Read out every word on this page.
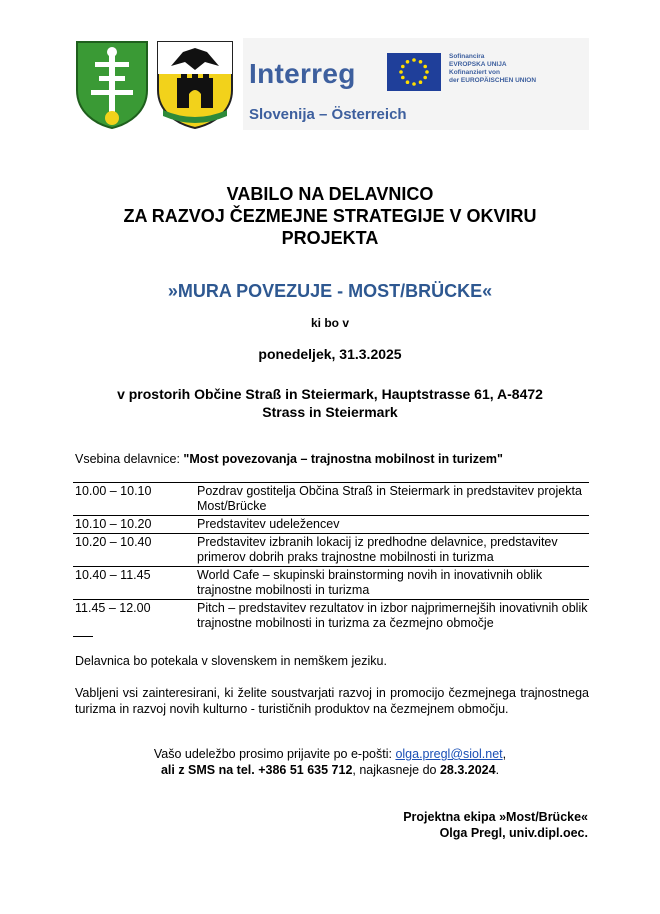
Interreg
Sofinancira
EVROPSKA UNIJA
Kofinanziert von
der EUROPÄISCHEN UNION
Slovenija – Österreich
VABILO NA DELAVNICO
ZA RAZVOJ ČEZMEJNE STRATEGIJE V OKVIRU
PROJEKTA
»MURA POVEZUJE - MOST/BRÜCKE«
ki bo v
ponedeljek, 31.3.2025
v prostorih Občine Straß in Steiermark, Hauptstrasse 61, A-8472
Strass in Steiermark
Vsebina delavnice: "Most povezovanja – trajnostna mobilnost in turizem"
10.00 – 10.10	Pozdrav gostitelja Občina Straß in Steiermark in predstavitev projekta Most/Brücke
10.10 – 10.20	Predstavitev udeležencev
10.20 – 10.40	Predstavitev izbranih lokacij iz predhodne delavnice, predstavitev primerov dobrih praks trajnostne mobilnosti in turizma
10.40 – 11.45	World Cafe – skupinski brainstorming novih in inovativnih oblik trajnostne mobilnosti in turizma
11.45 – 12.00	Pitch – predstavitev rezultatov in izbor najprimernejših inovativnih oblik trajnostne mobilnosti in turizma za čezmejno območje
Delavnica bo potekala v slovenskem in nemškem jeziku.
Vabljeni vsi zainteresirani, ki želite soustvarjati razvoj in promocijo čezmejnega trajnostnega turizma in razvoj novih kulturno - turističnih produktov na čezmejnem območju.
Vašo udeležbo prosimo prijavite po e-pošti: olga.pregl@siol.net,
ali z SMS na tel. +386 51 635 712, najkasneje do 28.3.2024.
Projektna ekipa »Most/Brücke«
Olga Pregl, univ.dipl.oec.
